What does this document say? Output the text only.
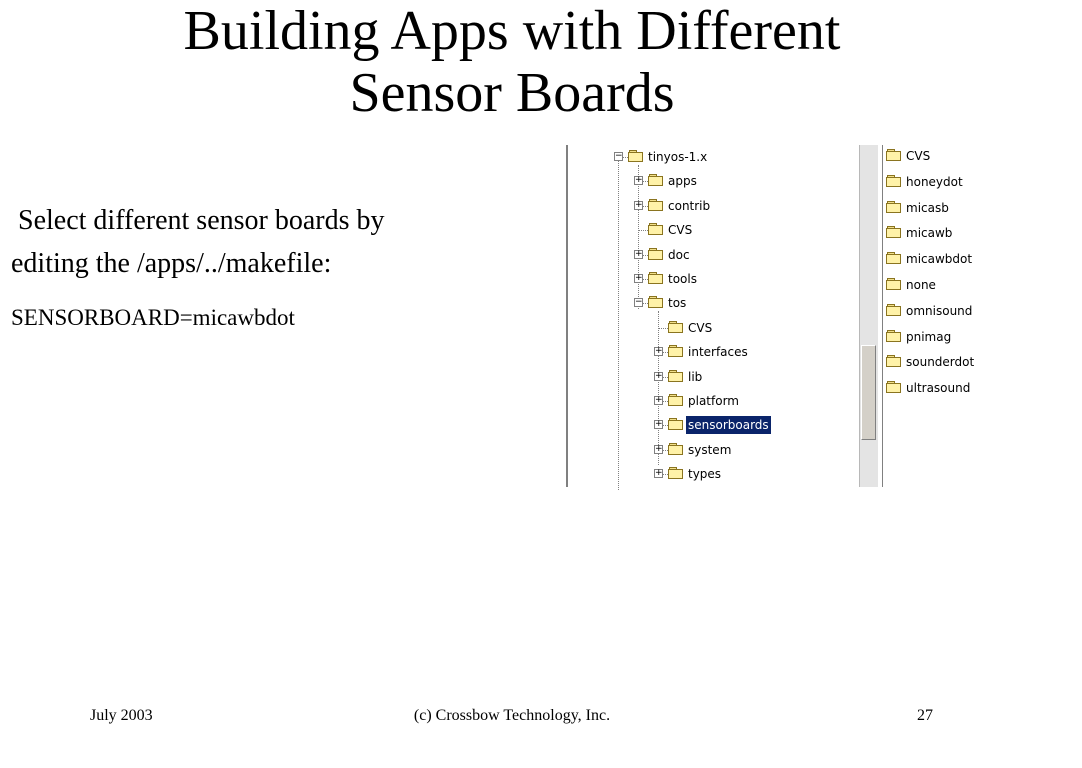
Building Apps with Different
Sensor Boards
Select different sensor boards by
editing the /apps/../makefile:
SENSORBOARD=micawbdot
− tinyos-1.x
+ apps
+ contrib
CVS
+ doc
+ tools
− tos
CVS
+ interfaces
+ lib
+ platform
+ sensorboards
+ system
+ types
CVS
honeydot
micasb
micawb
micawbdot
none
omnisound
pnimag
sounderdot
ultrasound
July 2003	(c) Crossbow Technology, Inc.	27
